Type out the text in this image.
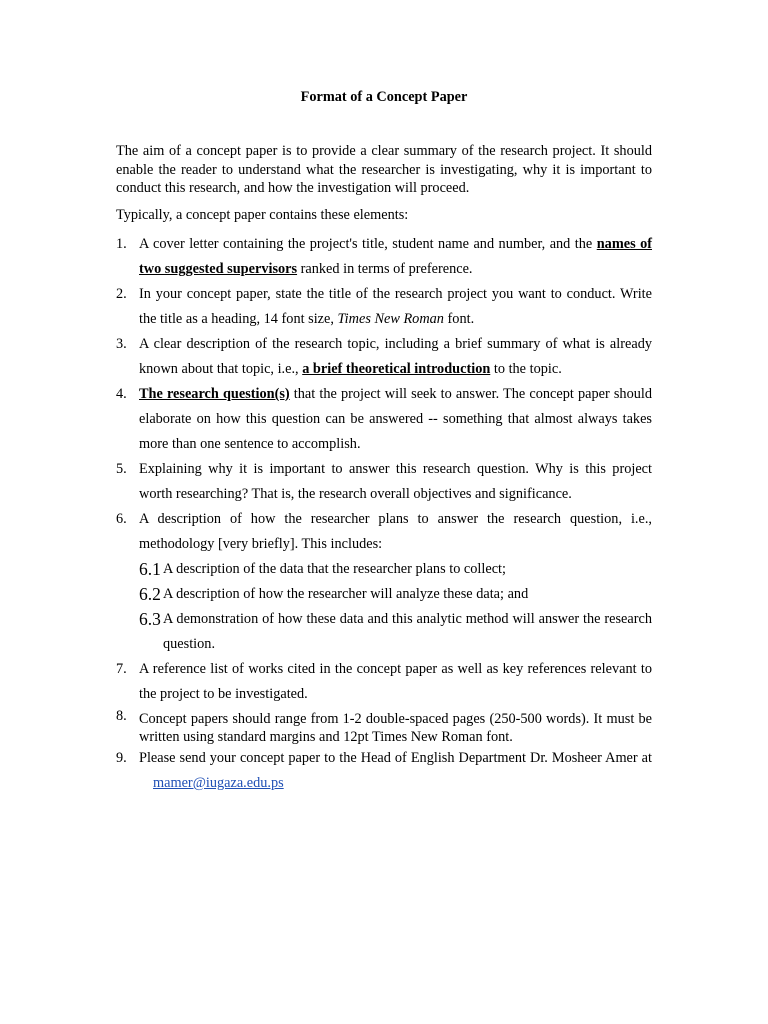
Format of a Concept Paper

The aim of a concept paper is to provide a clear summary of the research project. It should enable the reader to understand what the researcher is investigating, why it is important to conduct this research, and how the investigation will proceed.

Typically, a concept paper contains these elements:

1. A cover letter containing the project's title, student name and number, and the names of two suggested supervisors ranked in terms of preference.
2. In your concept paper, state the title of the research project you want to conduct. Write the title as a heading, 14 font size, Times New Roman font.
3. A clear description of the research topic, including a brief summary of what is already known about that topic, i.e., a brief theoretical introduction to the topic.
4. The research question(s) that the project will seek to answer. The concept paper should elaborate on how this question can be answered -- something that almost always takes more than one sentence to accomplish.
5. Explaining why it is important to answer this research question. Why is this project worth researching? That is, the research overall objectives and significance.
6. A description of how the researcher plans to answer the research question, i.e., methodology [very briefly]. This includes:
6.1 A description of the data that the researcher plans to collect;
6.2 A description of how the researcher will analyze these data; and
6.3 A demonstration of how these data and this analytic method will answer the research question.
7. A reference list of works cited in the concept paper as well as key references relevant to the project to be investigated.
8. Concept papers should range from 1-2 double-spaced pages (250-500 words). It must be written using standard margins and 12pt Times New Roman font.
9. Please send your concept paper to the Head of English Department Dr. Mosheer Amer atmamer@iugaza.edu.ps
